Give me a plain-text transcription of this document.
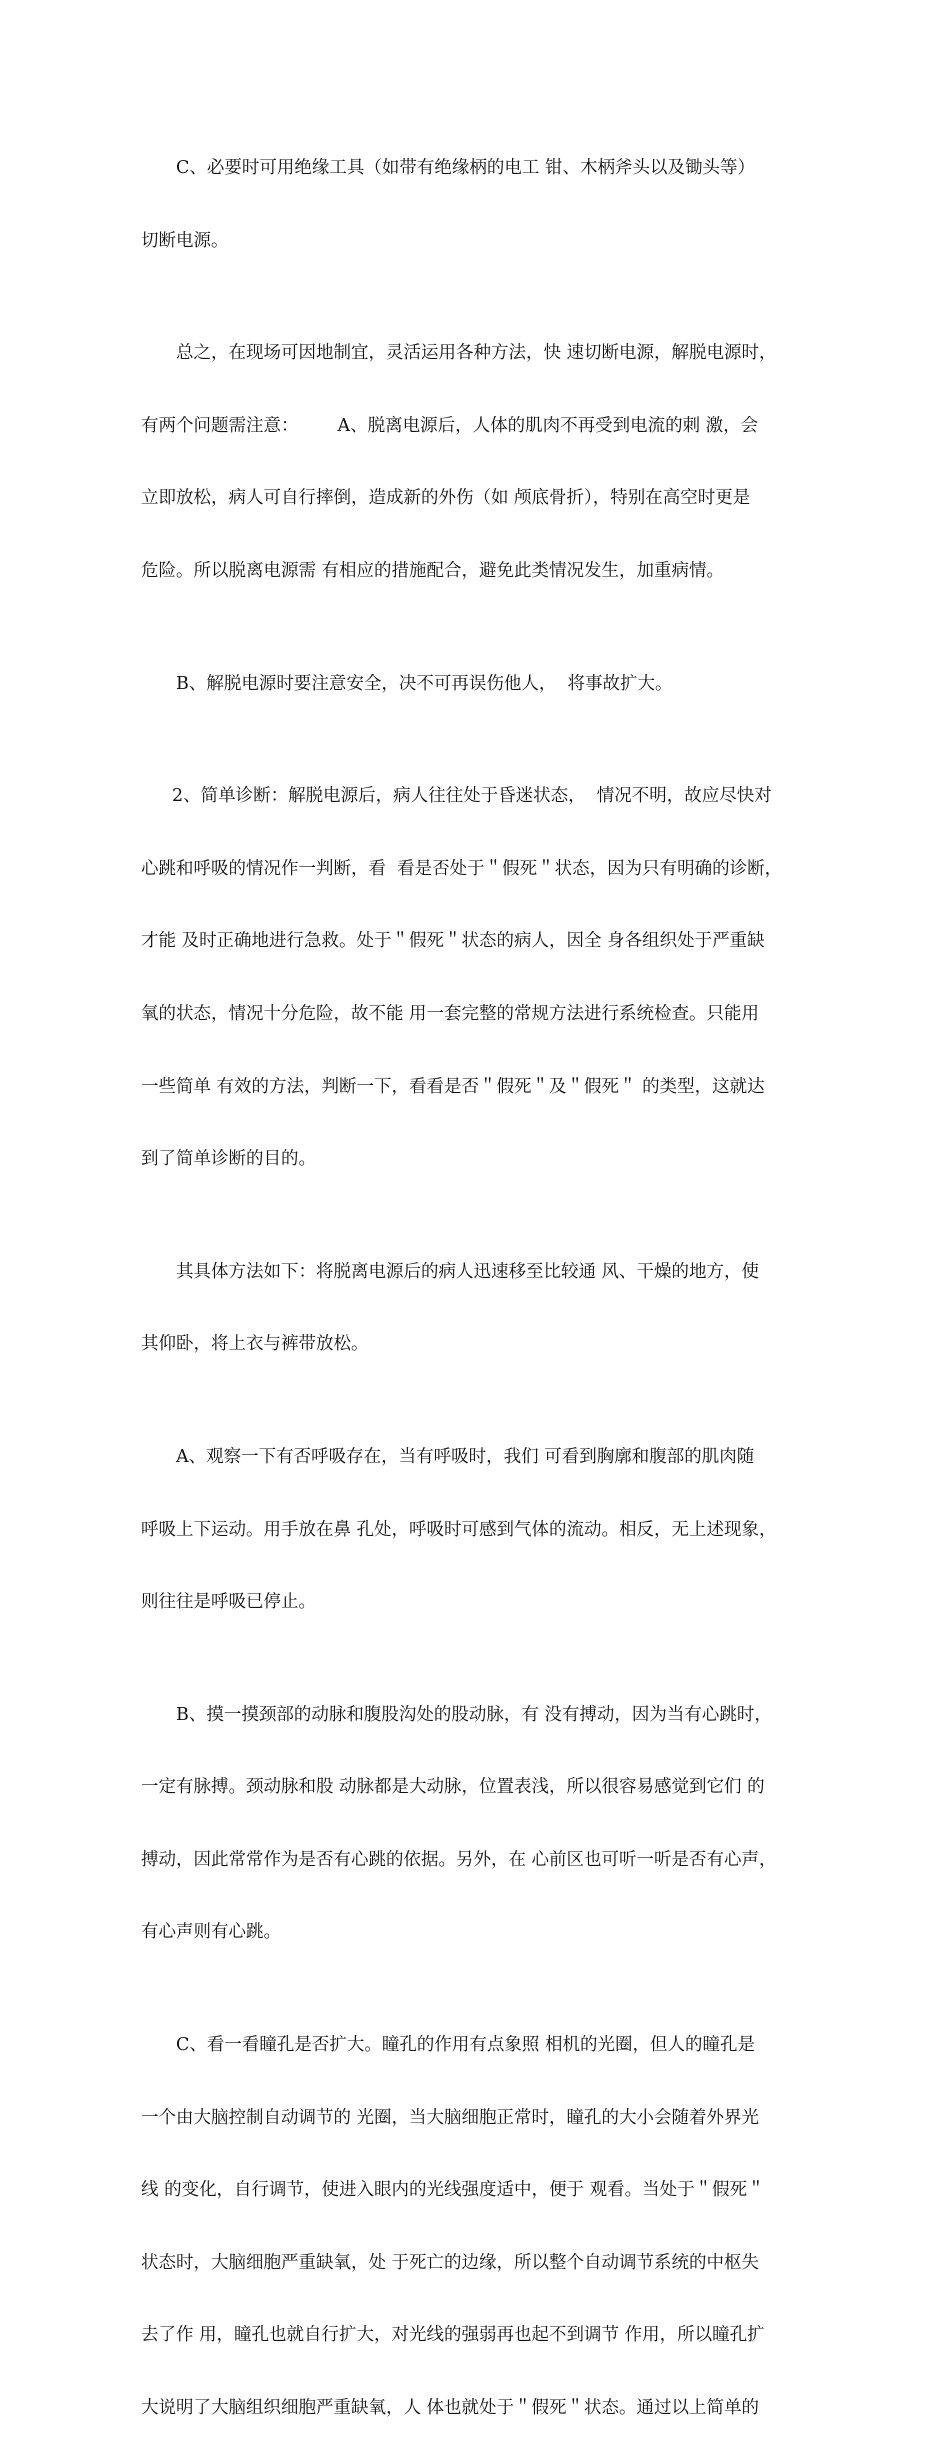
C、必要时可用绝缘工具（如带有绝缘柄的电工 钳、木柄斧头以及锄头等）

切断电源。

总之，在现场可因地制宜，灵活运用各种方法，快 速切断电源，解脱电源时，

有两个问题需注意：       A、脱离电源后，人体的肌肉不再受到电流的刺 激，会

立即放松，病人可自行摔倒，造成新的外伤（如 颅底骨折），特别在高空时更是

危险。所以脱离电源需 有相应的措施配合，避免此类情况发生，加重病情。

B、解脱电源时要注意安全，决不可再误伤他人，  将事故扩大。

2、简单诊断：解脱电源后，病人往往处于昏迷状态，  情况不明，故应尽快对

心跳和呼吸的情况作一判断，看  看是否处于＂假死＂状态，因为只有明确的诊断，

才能 及时正确地进行急救。处于＂假死＂状态的病人，因全 身各组织处于严重缺

氧的状态，情况十分危险，故不能 用一套完整的常规方法进行系统检查。只能用

一些简单 有效的方法，判断一下，看看是否＂假死＂及＂假死＂ 的类型，这就达

到了简单诊断的目的。

其具体方法如下：将脱离电源后的病人迅速移至比较通 风、干燥的地方，使

其仰卧，将上衣与裤带放松。

A、观察一下有否呼吸存在，当有呼吸时，我们 可看到胸廓和腹部的肌肉随

呼吸上下运动。用手放在鼻 孔处，呼吸时可感到气体的流动。相反，无上述现象，

则往往是呼吸已停止。

B、摸一摸颈部的动脉和腹股沟处的股动脉，有 没有搏动，因为当有心跳时，

一定有脉搏。颈动脉和股 动脉都是大动脉，位置表浅，所以很容易感觉到它们 的

搏动，因此常常作为是否有心跳的依据。另外，在 心前区也可听一听是否有心声，

有心声则有心跳。

C、看一看瞳孔是否扩大。瞳孔的作用有点象照 相机的光圈，但人的瞳孔是

一个由大脑控制自动调节的 光圈，当大脑细胞正常时，瞳孔的大小会随着外界光

线 的变化，自行调节，使进入眼内的光线强度适中，便于 观看。当处于＂假死＂

状态时，大脑细胞严重缺氧，处 于死亡的边缘，所以整个自动调节系统的中枢失

去了作 用，瞳孔也就自行扩大，对光线的强弱再也起不到调节 作用，所以瞳孔扩

大说明了大脑组织细胞严重缺氧，人 体也就处于＂假死＂状态。通过以上简单的
